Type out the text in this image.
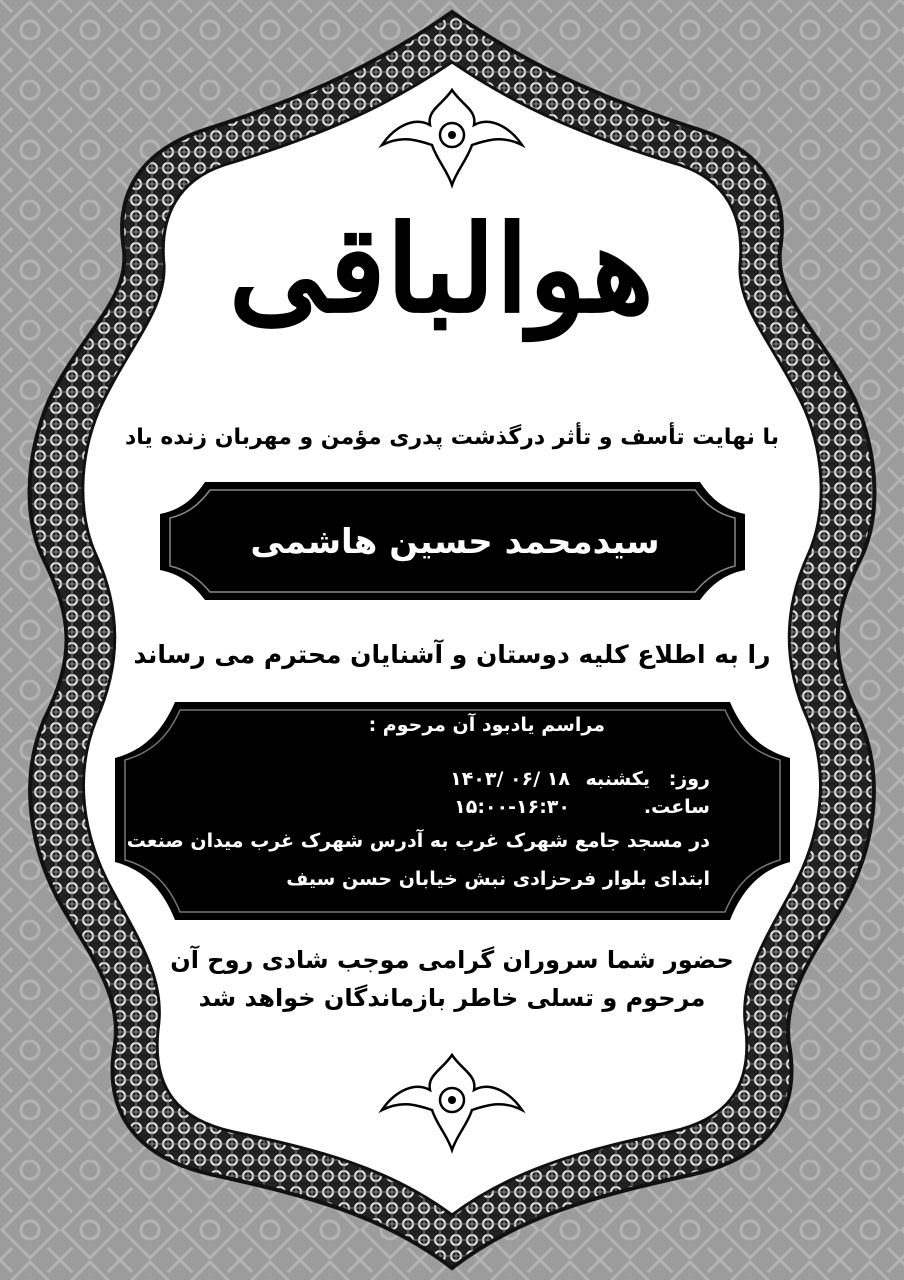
هوالباقی
با نهایت تأسف و تأثر درگذشت پدری مؤمن و مهربان زنده یاد
سیدمحمد حسین هاشمی
را به اطلاع کلیه دوستان و آشنایان محترم می رساند
مراسم یادبود آن مرحوم :
روز:
یکشنبه
۱۴۰۳/ ۰۶/ ۱۸
ساعت.
۱۵:۰۰-۱۶:۳۰
در مسجد جامع شهرک غرب به آدرس شهرک غرب میدان صنعت
ابتدای بلوار فرحزادی نبش خیابان حسن سیف
حضور شما سروران گرامی موجب شادی روح آن
مرحوم و تسلی خاطر بازماندگان خواهد شد
